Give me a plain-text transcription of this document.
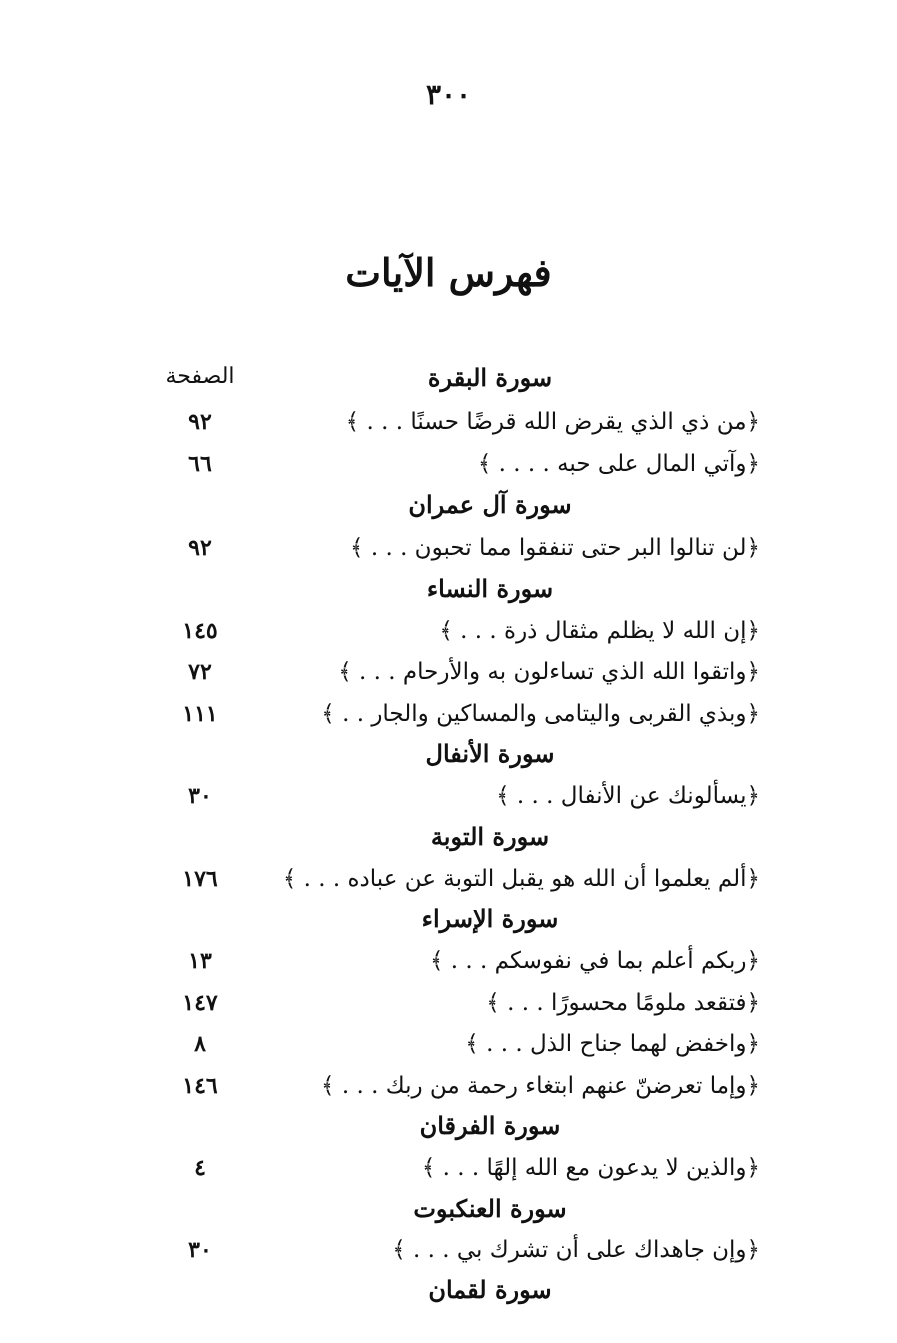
٣٠٠
فهرس الآيات
الصفحة	سورة البقرة
٩٢	﴿من ذي الذي يقرض الله قرضًا حسنًا . . . ﴾
٦٦	﴿وآتي المال على حبه . . . . ﴾
سورة آل عمران
٩٢	﴿لن تنالوا البر حتى تنفقوا مما تحبون . . . ﴾
سورة النساء
١٤٥	﴿إن الله لا يظلم مثقال ذرة . . . ﴾
٧٢	﴿واتقوا الله الذي تساءلون به والأرحام . . . ﴾
١١١	﴿وبذي القربى واليتامى والمساكين والجار . . ﴾
سورة الأنفال
٣٠	﴿يسألونك عن الأنفال . . . ﴾
سورة التوبة
١٧٦	﴿ألم يعلموا أن الله هو يقبل التوبة عن عباده . . . ﴾
سورة الإسراء
١٣	﴿ربكم أعلم بما في نفوسكم . . . ﴾
١٤٧	﴿فتقعد ملومًا محسورًا . . . ﴾
٨	﴿واخفض لهما جناح الذل . . . ﴾
١٤٦	﴿وإما تعرضنّ عنهم ابتغاء رحمة من ربك . . . ﴾
سورة الفرقان
٤	﴿والذين لا يدعون مع الله إلهًا . . . ﴾
سورة العنكبوت
٣٠	﴿وإن جاهداك على أن تشرك بي . . . ﴾
سورة لقمان
